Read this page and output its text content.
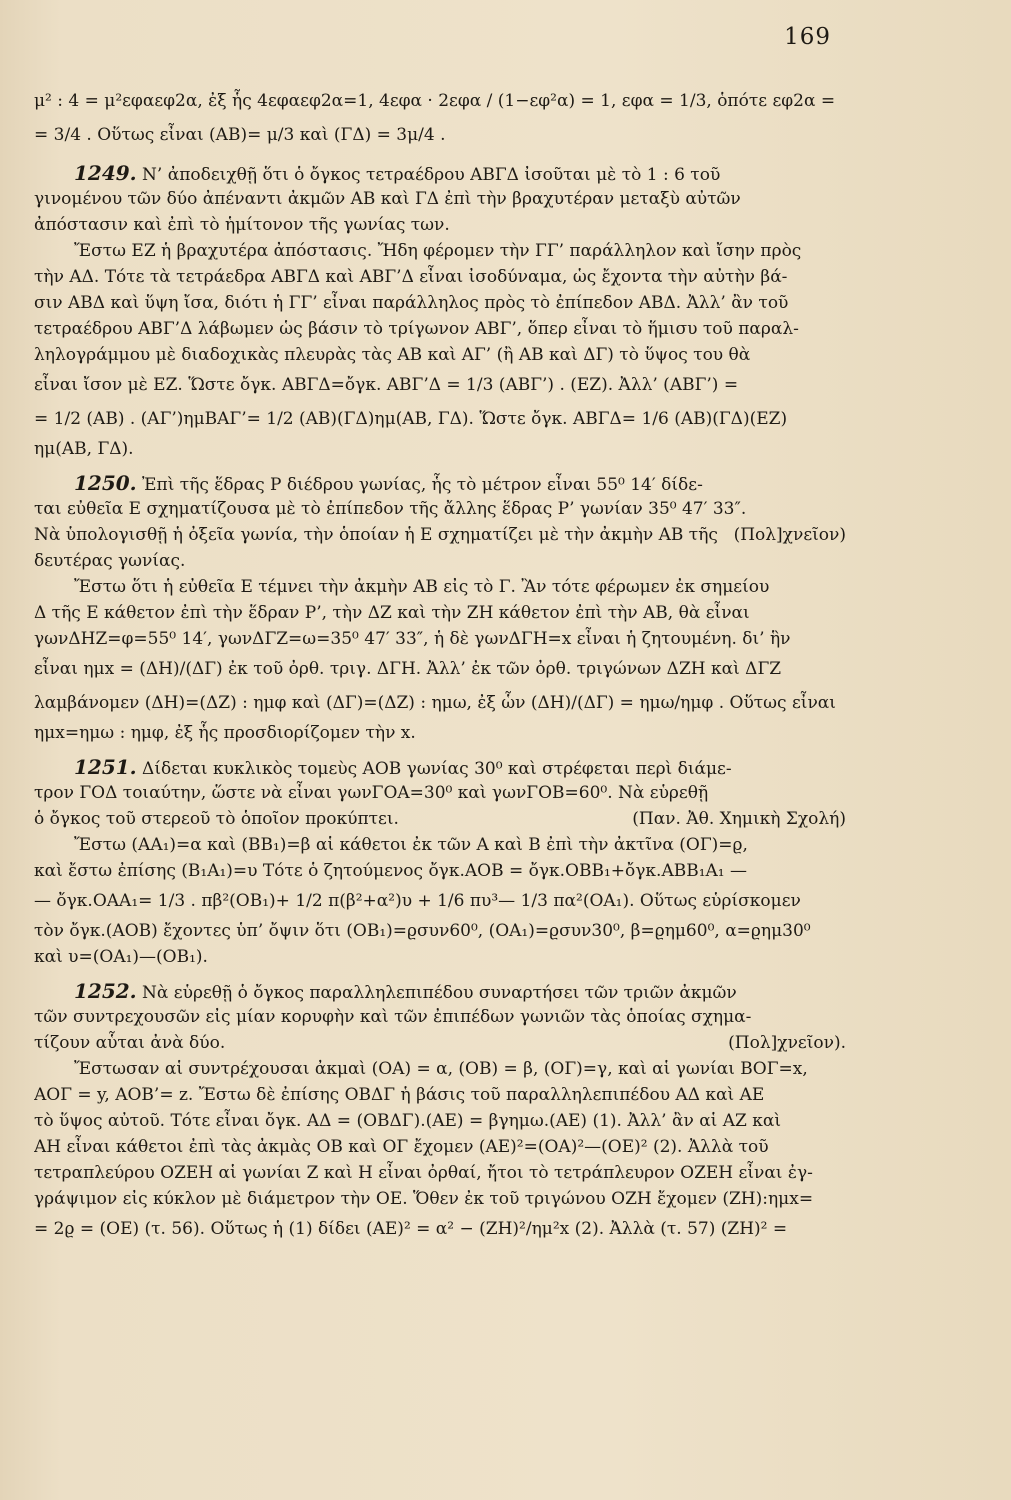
169
μ² : 4 = μ²εφαεφ2α, ἐξ ἧς 4εφαεφ2α=1, 4εφα · 2εφα / (1−εφ²α) = 1, εφα = 1/3, ὁπότε εφ2α =
= 3/4 . Οὕτως εἶναι (ΑΒ)= μ/3 καὶ (ΓΔ) = 3μ/4 .
1249. Ν’ ἀποδειχθῇ ὅτι ὁ ὄγκος τετραέδρου ΑΒΓΔ ἰσοῦται μὲ τὸ 1 : 6 τοῦ
γινομένου τῶν δύο ἀπέναντι ἀκμῶν ΑΒ καὶ ΓΔ ἐπὶ τὴν βραχυτέραν μεταξὺ αὐτῶν
ἀπόστασιν καὶ ἐπὶ τὸ ἡμίτονον τῆς γωνίας των.
Ἔστω ΕΖ ἡ βραχυτέρα ἀπόστασις. Ἤδη φέρομεν τὴν ΓΓ’ παράλληλον καὶ ἴσην πρὸς
τὴν ΑΔ. Τότε τὰ τετράεδρα ΑΒΓΔ καὶ ΑΒΓ’Δ εἶναι ἰσοδύναμα, ὡς ἔχοντα τὴν αὐτὴν βά-
σιν ΑΒΔ καὶ ὕψη ἴσα, διότι ἡ ΓΓ’ εἶναι παράλληλος πρὸς τὸ ἐπίπεδον ΑΒΔ. Ἀλλ’ ἂν τοῦ
τετραέδρου ΑΒΓ’Δ λάβωμεν ὡς βάσιν τὸ τρίγωνον ΑΒΓ’, ὅπερ εἶναι τὸ ἥμισυ τοῦ παραλ-
ληλογράμμου μὲ διαδοχικὰς πλευρὰς τὰς ΑΒ καὶ ΑΓ’ (ἢ ΑΒ καὶ ΔΓ) τὸ ὕψος του θὰ
εἶναι ἴσον μὲ ΕΖ. Ὥστε ὄγκ. ΑΒΓΔ=ὄγκ. ΑΒΓ’Δ = 1/3 (ΑΒΓ’) . (ΕΖ). Ἀλλ’ (ΑΒΓ’) =
= 1/2 (ΑΒ) . (ΑΓ’)ημΒΑΓ’= 1/2 (ΑΒ)(ΓΔ)ημ(ΑΒ, ΓΔ). Ὥστε ὄγκ. ΑΒΓΔ= 1/6 (ΑΒ)(ΓΔ)(ΕΖ)
ημ(ΑΒ, ΓΔ).
1250. Ἐπὶ τῆς ἕδρας Ρ διέδρου γωνίας, ἧς τὸ μέτρον εἶναι 55⁰ 14′ δίδε-
ται εὐθεῖα Ε σχηματίζουσα μὲ τὸ ἐπίπεδον τῆς ἄλλης ἕδρας Ρ’ γωνίαν 35⁰ 47′ 33″.
Νὰ ὑπολογισθῇ ἡ ὀξεῖα γωνία, τὴν ὁποίαν ἡ Ε σχηματίζει μὲ τὴν ἀκμὴν ΑΒ τῆς (Πολ]χνεῖον)
δευτέρας γωνίας.
Ἔστω ὅτι ἡ εὐθεῖα Ε τέμνει τὴν ἀκμὴν ΑΒ εἰς τὸ Γ. Ἂν τότε φέρωμεν ἐκ σημείου
Δ τῆς Ε κάθετον ἐπὶ τὴν ἕδραν Ρ’, τὴν ΔΖ καὶ τὴν ΖΗ κάθετον ἐπὶ τὴν ΑΒ, θὰ εἶναι
γωνΔΗΖ=φ=55⁰ 14′, γωνΔΓΖ=ω=35⁰ 47′ 33″, ἡ δὲ γωνΔΓΗ=x εἶναι ἡ ζητουμένη. δι’ ἣν
εἶναι ημx = (ΔΗ)/(ΔΓ) ἐκ τοῦ ὀρθ. τριγ. ΔΓΗ. Ἀλλ’ ἐκ τῶν ὀρθ. τριγώνων ΔΖΗ καὶ ΔΓΖ
λαμβάνομεν (ΔΗ)=(ΔΖ) : ημφ καὶ (ΔΓ)=(ΔΖ) : ημω, ἐξ ὧν (ΔΗ)/(ΔΓ) = ημω/ημφ . Οὕτως εἶναι
ημx=ημω : ημφ, ἐξ ἧς προσδιορίζομεν τὴν x.
1251. Δίδεται κυκλικὸς τομεὺς ΑΟΒ γωνίας 30⁰ καὶ στρέφεται περὶ διάμε-
τρον ΓΟΔ τοιαύτην, ὥστε νὰ εἶναι γωνΓΟΑ=30⁰ καὶ γωνΓΟΒ=60⁰. Νὰ εὑρεθῇ
ὁ ὄγκος τοῦ στερεοῦ τὸ ὁποῖον προκύπτει.	(Παν. Ἀθ. Χημικὴ Σχολή)
Ἔστω (ΑΑ₁)=α καὶ (ΒΒ₁)=β αἱ κάθετοι ἐκ τῶν Α καὶ Β ἐπὶ τὴν ἀκτῖνα (ΟΓ)=ϱ,
καὶ ἔστω ἐπίσης (Β₁Α₁)=υ Τότε ὁ ζητούμενος ὄγκ.ΑΟΒ = ὄγκ.ΟΒΒ₁+ὄγκ.ΑΒΒ₁Α₁ —
— ὄγκ.ΟΑΑ₁= 1/3 . πβ²(ΟΒ₁)+ 1/2 π(β²+α²)υ + 1/6 πυ³— 1/3 πα²(ΟΑ₁). Οὕτως εὑρίσκομεν
τὸν ὄγκ.(ΑΟΒ) ἔχοντες ὑπ’ ὄψιν ὅτι (ΟΒ₁)=ϱσυν60⁰, (ΟΑ₁)=ϱσυν30⁰, β=ϱημ60⁰, α=ϱημ30⁰
καὶ υ=(ΟΑ₁)—(ΟΒ₁).
1252. Νὰ εὑρεθῇ ὁ ὄγκος παραλληλεπιπέδου συναρτήσει τῶν τριῶν ἀκμῶν
τῶν συντρεχουσῶν εἰς μίαν κορυφὴν καὶ τῶν ἐπιπέδων γωνιῶν τὰς ὁποίας σχημα-
τίζουν αὗται ἀνὰ δύο.	(Πολ]χνεῖον).
Ἔστωσαν αἱ συντρέχουσαι ἀκμαὶ (ΟΑ) = α, (ΟΒ) = β, (ΟΓ)=γ, καὶ αἱ γωνίαι ΒΟΓ=x,
ΑΟΓ = y, ΑΟΒ’= z. Ἔστω δὲ ἐπίσης ΟΒΔΓ ἡ βάσις τοῦ παραλληλεπιπέδου ΑΔ καὶ ΑΕ
τὸ ὕψος αὐτοῦ. Τότε εἶναι ὄγκ. ΑΔ = (ΟΒΔΓ).(ΑΕ) = βγημω.(ΑΕ) (1). Ἀλλ’ ἂν αἱ ΑΖ καὶ
ΑΗ εἶναι κάθετοι ἐπὶ τὰς ἀκμὰς ΟΒ καὶ ΟΓ ἔχομεν (ΑΕ)²=(ΟΑ)²—(ΟΕ)² (2). Ἀλλὰ τοῦ
τετραπλεύρου ΟΖΕΗ αἱ γωνίαι Ζ καὶ Η εἶναι ὀρθαί, ἤτοι τὸ τετράπλευρον ΟΖΕΗ εἶναι ἐγ-
γράψιμον εἰς κύκλον μὲ διάμετρον τὴν ΟΕ. Ὅθεν ἐκ τοῦ τριγώνου ΟΖΗ ἔχομεν (ΖΗ):ημx=
= 2ϱ = (ΟΕ) (τ. 56). Οὕτως ἡ (1) δίδει (ΑΕ)² = α² − (ΖΗ)²/ημ²x (2). Ἀλλὰ (τ. 57) (ΖΗ)² =
